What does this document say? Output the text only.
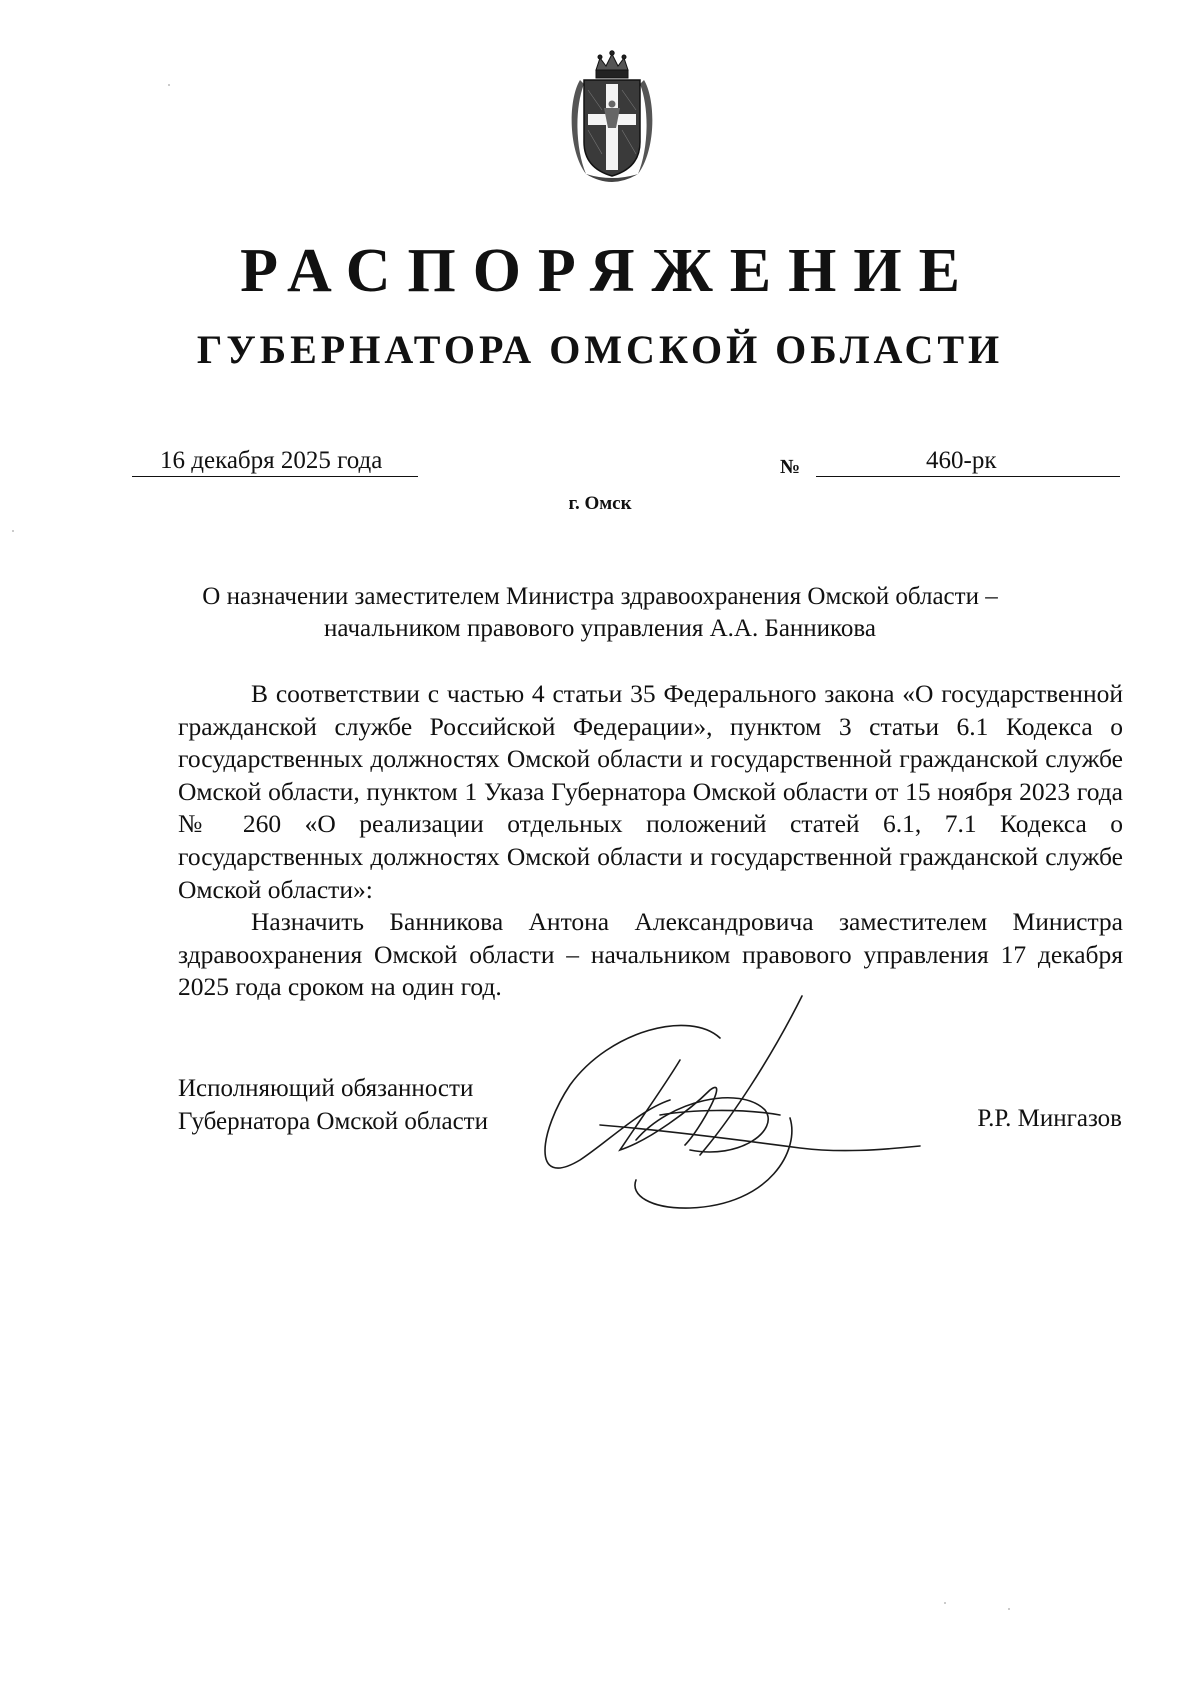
РАСПОРЯЖЕНИЕ
ГУБЕРНАТОРА ОМСКОЙ ОБЛАСТИ
16 декабря 2025 года	№	460-рк
г. Омск
О назначении заместителем Министра здравоохранения Омской области –
начальником правового управления А.А. Банникова

В соответствии с частью 4 статьи 35 Федерального закона «О государственной гражданской службе Российской Федерации», пунктом 3 статьи 6.1 Кодекса о государственных должностях Омской области и государственной гражданской службе Омской области, пунктом 1 Указа Губернатора Омской области от 15 ноября 2023 года № 260 «О реализации отдельных положений статей 6.1, 7.1 Кодекса о государственных должностях Омской области и государственной гражданской службе Омской области»:

Назначить Банникова Антона Александровича заместителем Министра здравоохранения Омской области – начальником правового управления 17 декабря 2025 года сроком на один год.

Исполняющий обязанности
Губернатора Омской области	Р.Р. Мингазов
